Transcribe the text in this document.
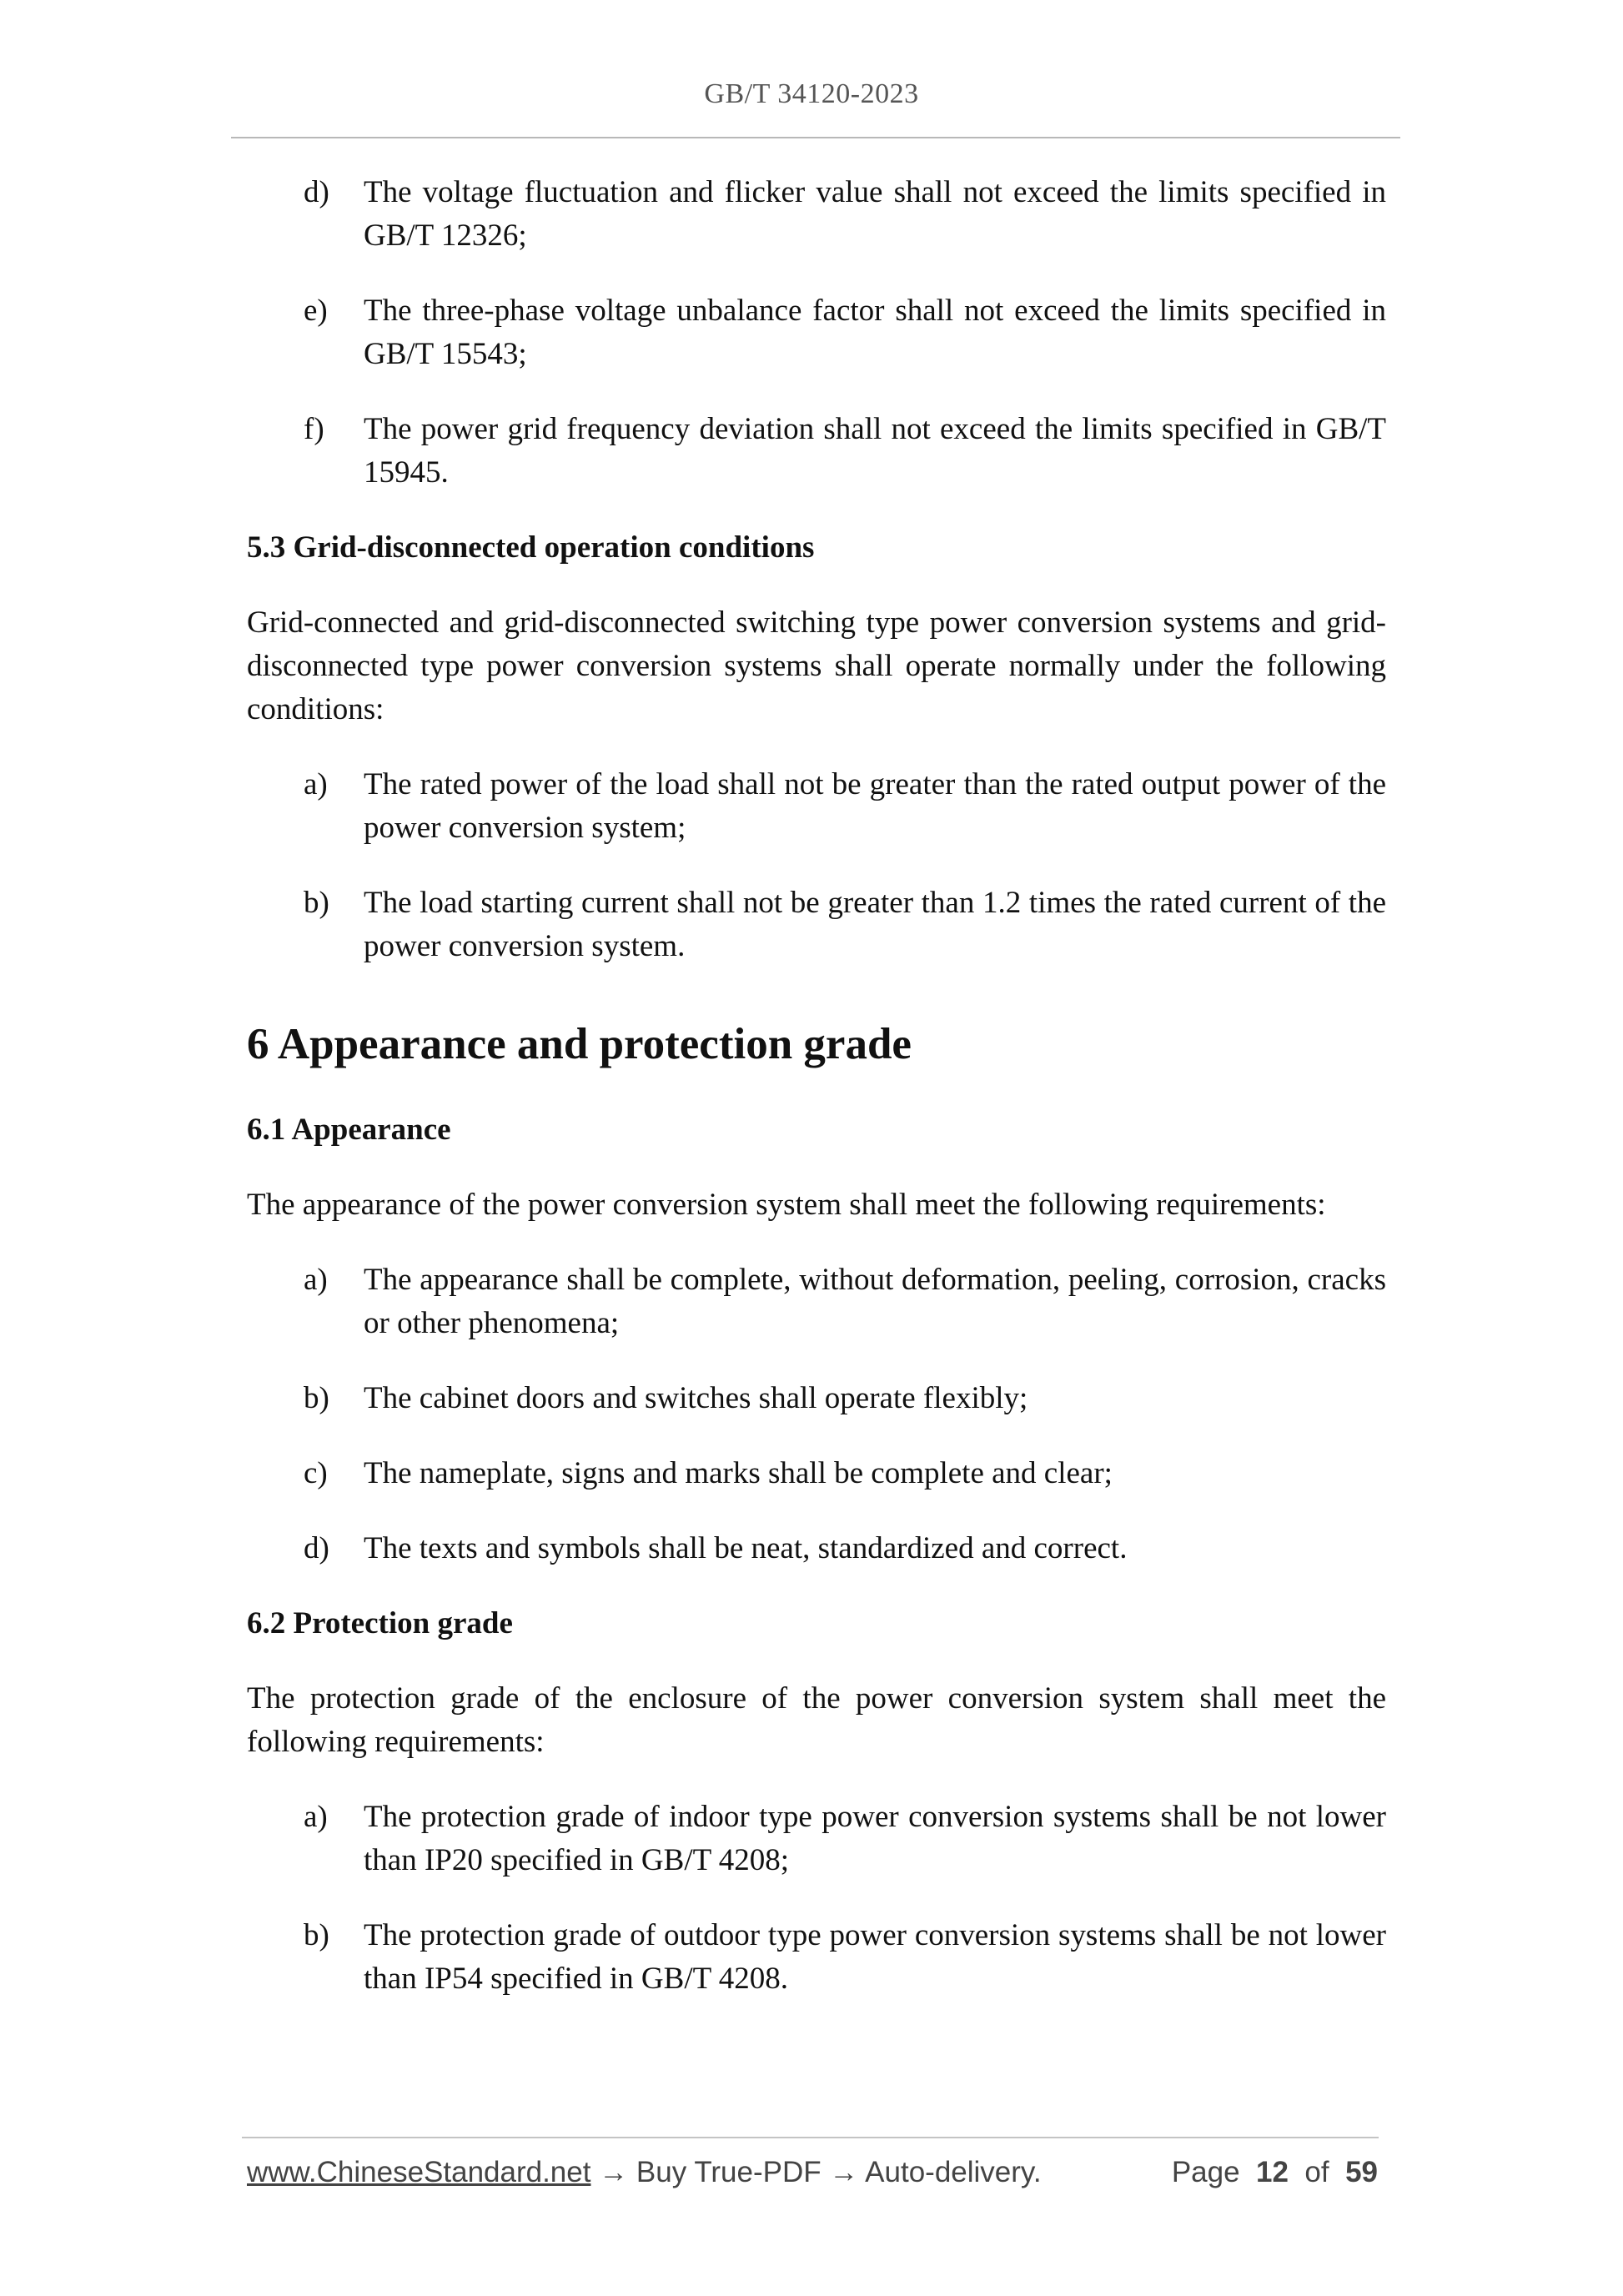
GB/T 34120-2023
d) The voltage fluctuation and flicker value shall not exceed the limits specified in GB/T 12326;
e) The three-phase voltage unbalance factor shall not exceed the limits specified in GB/T 15543;
f) The power grid frequency deviation shall not exceed the limits specified in GB/T 15945.
5.3 Grid-disconnected operation conditions
Grid-connected and grid-disconnected switching type power conversion systems and grid-disconnected type power conversion systems shall operate normally under the following conditions:
a) The rated power of the load shall not be greater than the rated output power of the power conversion system;
b) The load starting current shall not be greater than 1.2 times the rated current of the power conversion system.
6 Appearance and protection grade
6.1 Appearance
The appearance of the power conversion system shall meet the following requirements:
a) The appearance shall be complete, without deformation, peeling, corrosion, cracks or other phenomena;
b) The cabinet doors and switches shall operate flexibly;
c) The nameplate, signs and marks shall be complete and clear;
d) The texts and symbols shall be neat, standardized and correct.
6.2 Protection grade
The protection grade of the enclosure of the power conversion system shall meet the following requirements:
a) The protection grade of indoor type power conversion systems shall be not lower than IP20 specified in GB/T 4208;
b) The protection grade of outdoor type power conversion systems shall be not lower than IP54 specified in GB/T 4208.
www.ChineseStandard.net → Buy True-PDF → Auto-delivery.	Page 12 of 59
